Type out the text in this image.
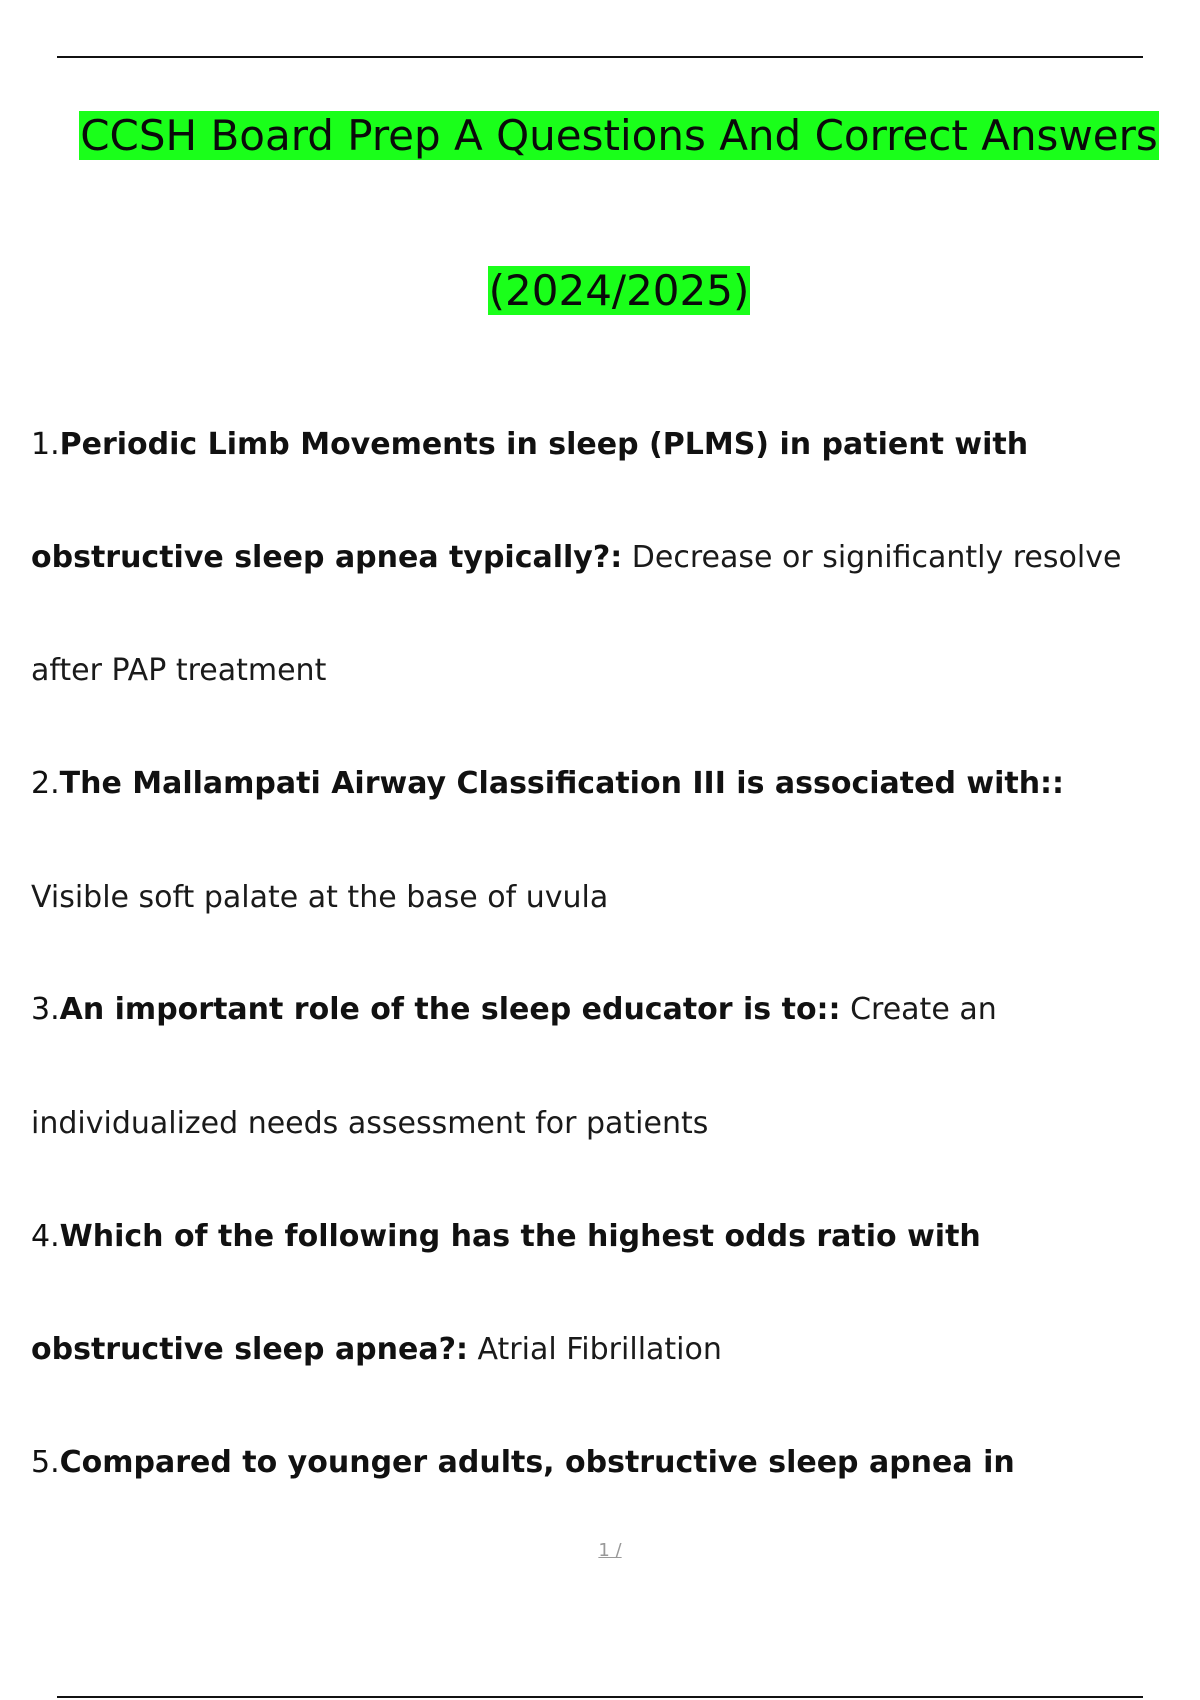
CCSH Board Prep A Questions And Correct Answers
(2024/2025)
1.Periodic Limb Movements in sleep (PLMS) in patient with
obstructive sleep apnea typically?: Decrease or significantly resolve
after PAP treatment
2.The Mallampati Airway Classification III is associated with::
Visible soft palate at the base of uvula
3.An important role of the sleep educator is to:: Create an
individualized needs assessment for patients
4.Which of the following has the highest odds ratio with
obstructive sleep apnea?: Atrial Fibrillation
5.Compared to younger adults, obstructive sleep apnea in
1 /
